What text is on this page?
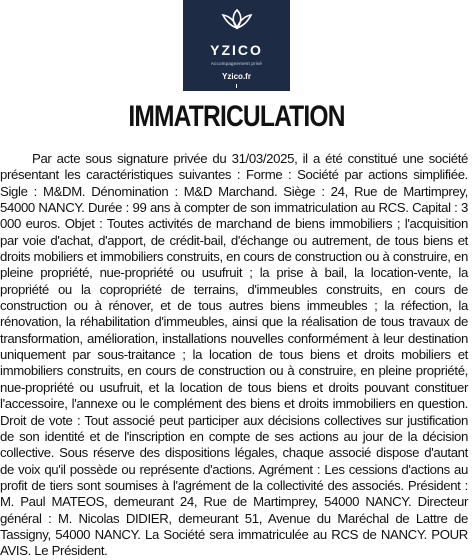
YZICO
Accompagnement privé
Yzico.fr
IMMATRICULATION

Par acte sous signature privée du 31/03/2025, il a été constitué une société présentant les caractéristiques suivantes : Forme : Société par actions simplifiée. Sigle : M&DM. Dénomination : M&D Marchand. Siège : 24, Rue de Martimprey, 54000 NANCY. Durée : 99 ans à compter de son immatriculation au RCS. Capital : 3 000 euros. Objet : Toutes activités de marchand de biens immobiliers ; l'acquisition par voie d'achat, d'apport, de crédit-bail, d'échange ou autrement, de tous biens et droits mobiliers et immobiliers construits, en cours de construction ou à construire, en pleine propriété, nue-propriété ou usufruit ; la prise à bail, la location-vente, la propriété ou la copropriété de terrains, d'immeubles construits, en cours de construction ou à rénover, et de tous autres biens immeubles ; la réfection, la rénovation, la réhabilitation d'immeubles, ainsi que la réalisation de tous travaux de transformation, amélioration, installations nouvelles conformément à leur destination uniquement par sous-traitance ; la location de tous biens et droits mobiliers et immobiliers construits, en cours de construction ou à construire, en pleine propriété, nue-propriété ou usufruit, et la location de tous biens et droits pouvant constituer l'accessoire, l'annexe ou le complément des biens et droits immobiliers en question. Droit de vote : Tout associé peut participer aux décisions collectives sur justification de son identité et de l'inscription en compte de ses actions au jour de la décision collective. Sous réserve des dispositions légales, chaque associé dispose d'autant de voix qu'il possède ou représente d'actions. Agrément : Les cessions d'actions au profit de tiers sont soumises à l'agrément de la collectivité des associés. Président : M. Paul MATEOS, demeurant 24, Rue de Martimprey, 54000 NANCY. Directeur général : M. Nicolas DIDIER, demeurant 51, Avenue du Maréchal de Lattre de Tassigny, 54000 NANCY. La Société sera immatriculée au RCS de NANCY. POUR AVIS. Le Président.
